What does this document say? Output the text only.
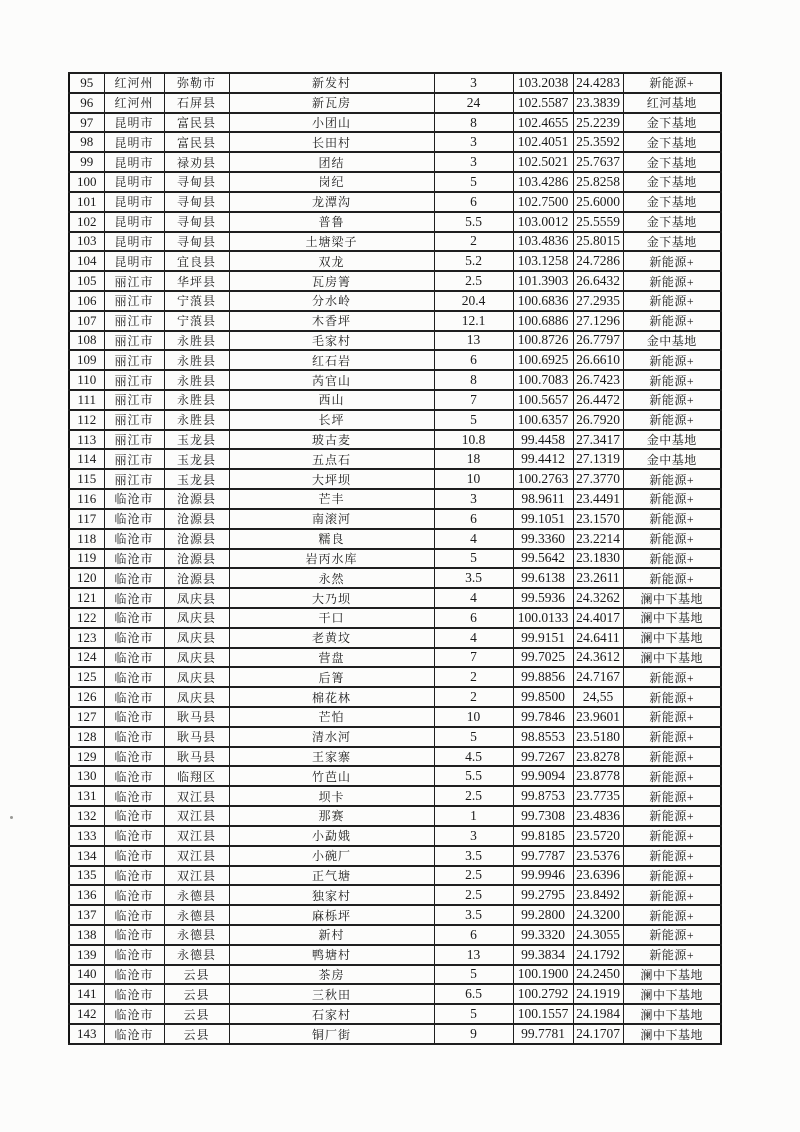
95	红河州	弥勒市	新发村	3	103.2038	24.4283	新能源+
96	红河州	石屏县	新瓦房	24	102.5587	23.3839	红河基地
97	昆明市	富民县	小团山	8	102.4655	25.2239	金下基地
98	昆明市	富民县	长田村	3	102.4051	25.3592	金下基地
99	昆明市	禄劝县	团结	3	102.5021	25.7637	金下基地
100	昆明市	寻甸县	岗纪	5	103.4286	25.8258	金下基地
101	昆明市	寻甸县	龙潭沟	6	102.7500	25.6000	金下基地
102	昆明市	寻甸县	普鲁	5.5	103.0012	25.5559	金下基地
103	昆明市	寻甸县	土塘梁子	2	103.4836	25.8015	金下基地
104	昆明市	宜良县	双龙	5.2	103.1258	24.7286	新能源+
105	丽江市	华坪县	瓦房箐	2.5	101.3903	26.6432	新能源+
106	丽江市	宁蒗县	分水岭	20.4	100.6836	27.2935	新能源+
107	丽江市	宁蒗县	木香坪	12.1	100.6886	27.1296	新能源+
108	丽江市	永胜县	毛家村	13	100.8726	26.7797	金中基地
109	丽江市	永胜县	红石岩	6	100.6925	26.6610	新能源+
110	丽江市	永胜县	芮官山	8	100.7083	26.7423	新能源+
111	丽江市	永胜县	西山	7	100.5657	26.4472	新能源+
112	丽江市	永胜县	长坪	5	100.6357	26.7920	新能源+
113	丽江市	玉龙县	玻古麦	10.8	99.4458	27.3417	金中基地
114	丽江市	玉龙县	五点石	18	99.4412	27.1319	金中基地
115	丽江市	玉龙县	大坪坝	10	100.2763	27.3770	新能源+
116	临沧市	沧源县	芒丰	3	98.9611	23.4491	新能源+
117	临沧市	沧源县	南滚河	6	99.1051	23.1570	新能源+
118	临沧市	沧源县	糯良	4	99.3360	23.2214	新能源+
119	临沧市	沧源县	岩丙水库	5	99.5642	23.1830	新能源+
120	临沧市	沧源县	永然	3.5	99.6138	23.2611	新能源+
121	临沧市	凤庆县	大乃坝	4	99.5936	24.3262	澜中下基地
122	临沧市	凤庆县	干口	6	100.0133	24.4017	澜中下基地
123	临沧市	凤庆县	老黄坟	4	99.9151	24.6411	澜中下基地
124	临沧市	凤庆县	营盘	7	99.7025	24.3612	澜中下基地
125	临沧市	凤庆县	后箐	2	99.8856	24.7167	新能源+
126	临沧市	凤庆县	棉花林	2	99.8500	24,55	新能源+
127	临沧市	耿马县	芒怕	10	99.7846	23.9601	新能源+
128	临沧市	耿马县	清水河	5	98.8553	23.5180	新能源+
129	临沧市	耿马县	王家寨	4.5	99.7267	23.8278	新能源+
130	临沧市	临翔区	竹芭山	5.5	99.9094	23.8778	新能源+
131	临沧市	双江县	坝卡	2.5	99.8753	23.7735	新能源+
132	临沧市	双江县	那赛	1	99.7308	23.4836	新能源+
133	临沧市	双江县	小勐娥	3	99.8185	23.5720	新能源+
134	临沧市	双江县	小碗厂	3.5	99.7787	23.5376	新能源+
135	临沧市	双江县	正气塘	2.5	99.9946	23.6396	新能源+
136	临沧市	永德县	独家村	2.5	99.2795	23.8492	新能源+
137	临沧市	永德县	麻栎坪	3.5	99.2800	24.3200	新能源+
138	临沧市	永德县	新村	6	99.3320	24.3055	新能源+
139	临沧市	永德县	鸭塘村	13	99.3834	24.1792	新能源+
140	临沧市	云县	茶房	5	100.1900	24.2450	澜中下基地
141	临沧市	云县	三秋田	6.5	100.2792	24.1919	澜中下基地
142	临沧市	云县	石家村	5	100.1557	24.1984	澜中下基地
143	临沧市	云县	铜厂街	9	99.7781	24.1707	澜中下基地
